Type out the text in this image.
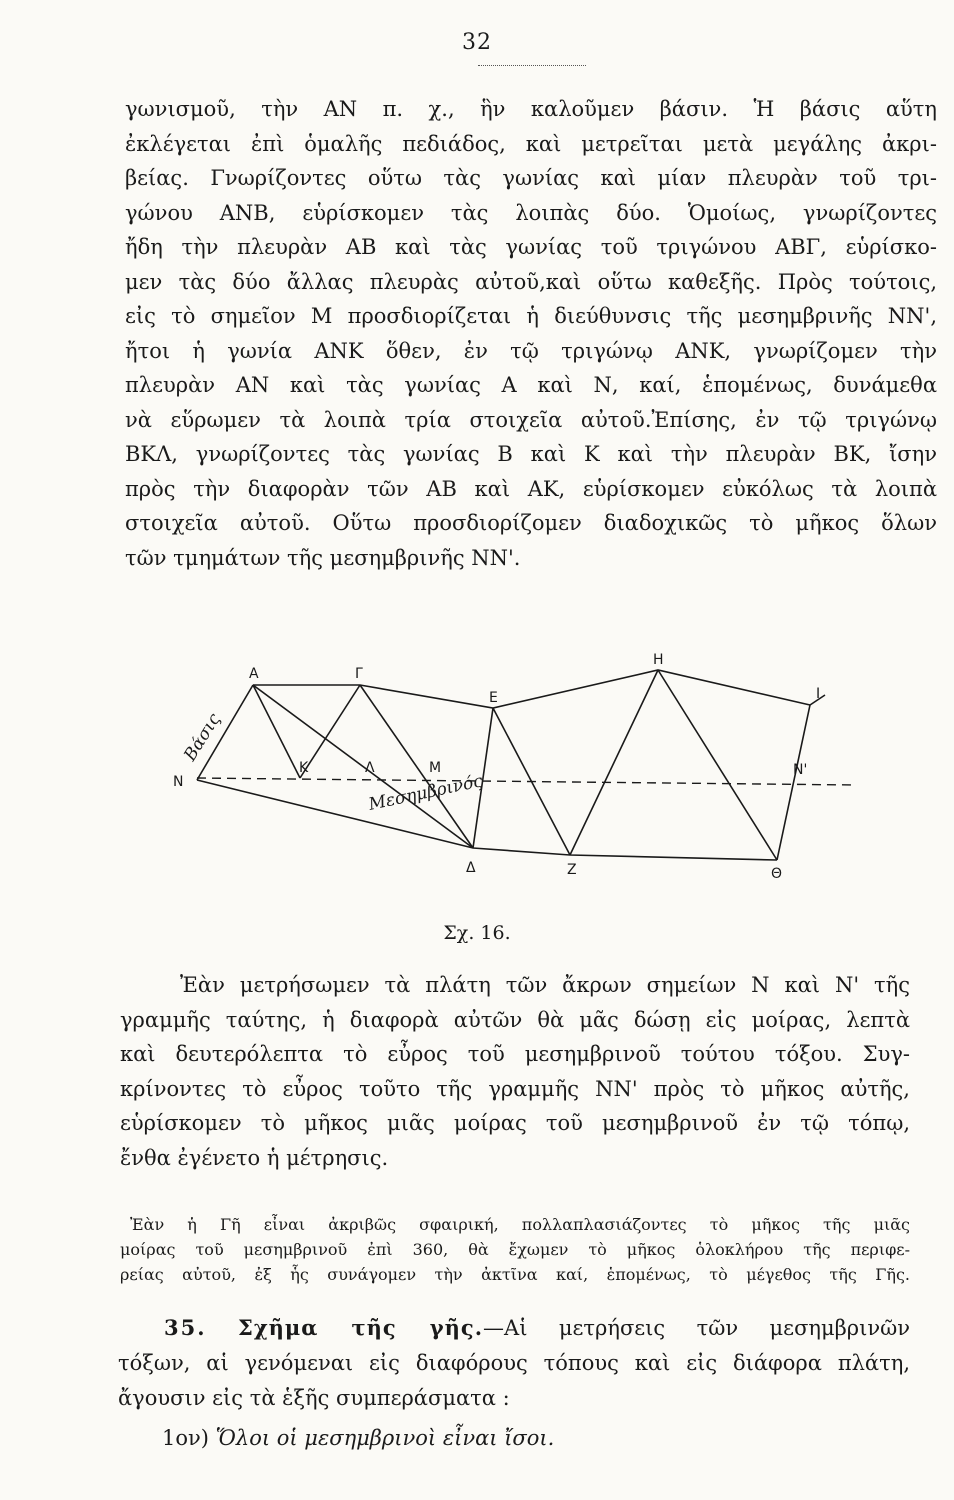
32

γωνισμοῦ, τὴν ΑΝ π. χ., ἣν καλοῦμεν βάσιν. Ἡ βάσις αὕτη
ἐκλέγεται ἐπὶ ὁμαλῆς πεδιάδος, καὶ μετρεῖται μετὰ μεγάλης ἀκρι-
βείας. Γνωρίζοντες οὕτω τὰς γωνίας καὶ μίαν πλευρὰν τοῦ τρι-
γώνου ΑΝΒ, εὑρίσκομεν τὰς λοιπὰς δύο. Ὁμοίως, γνωρίζοντες
ἤδη τὴν πλευρὰν ΑΒ καὶ τὰς γωνίας τοῦ τριγώνου ΑΒΓ, εὑρίσκο-
μεν τὰς δύο ἄλλας πλευρὰς αὐτοῦ,καὶ οὕτω καθεξῆς. Πρὸς τούτοις,
εἰς τὸ σημεῖον Μ προσδιορίζεται ἡ διεύθυνσις τῆς μεσημβρινῆς ΝΝ',
ἤτοι ἡ γωνία ΑΝΚ ὅθεν, ἐν τῷ τριγώνῳ ΑΝΚ, γνωρίζομεν τὴν
πλευρὰν ΑΝ καὶ τὰς γωνίας Α καὶ Ν, καί, ἑπομένως, δυνάμεθα
νὰ εὕρωμεν τὰ λοιπὰ τρία στοιχεῖα αὐτοῦ.Ἐπίσης, ἐν τῷ τριγώνῳ
ΒΚΛ, γνωρίζοντες τὰς γωνίας Β καὶ Κ καὶ τὴν πλευρὰν ΒΚ, ἴσην
πρὸς τὴν διαφορὰν τῶν ΑΒ καὶ ΑΚ, εὑρίσκομεν εὐκόλως τὰ λοιπὰ
στοιχεῖα αὐτοῦ. Οὕτω προσδιορίζομεν διαδοχικῶς τὸ μῆκος ὅλων
τῶν τμημάτων τῆς μεσημβρινῆς ΝΝ'.

Α	Γ
Ε
Η
Ι
Ν
Ν'
Κ	Λ	Μ
Δ	Ζ	Θ
Βάσις
Μεσημβρινός
Σχ. 16.
Ἐὰν μετρήσωμεν τὰ πλάτη τῶν ἄκρων σημείων Ν καὶ Ν' τῆς
γραμμῆς ταύτης, ἡ διαφορὰ αὐτῶν θὰ μᾶς δώσῃ εἰς μοίρας, λεπτὰ
καὶ δευτερόλεπτα τὸ εὖρος τοῦ μεσημβρινοῦ τούτου τόξου. Συγ-
κρίνοντες τὸ εὖρος τοῦτο τῆς γραμμῆς ΝΝ' πρὸς τὸ μῆκος αὐτῆς,
εὑρίσκομεν τὸ μῆκος μιᾶς μοίρας τοῦ μεσημβρινοῦ ἐν τῷ τόπῳ,
ἔνθα ἐγένετο ἡ μέτρησις.
Ἐὰν ἡ Γῆ εἶναι ἀκριβῶς σφαιρική, πολλαπλασιάζοντες τὸ μῆκος τῆς μιᾶς
μοίρας τοῦ μεσημβρινοῦ ἐπὶ 360, θὰ ἔχωμεν τὸ μῆκος ὁλοκλήρου τῆς περιφε-
ρείας αὐτοῦ, ἐξ ἧς συνάγομεν τὴν ἀκτῖνα καί, ἑπομένως, τὸ μέγεθος τῆς Γῆς.
35. Σχῆμα τῆς γῆς.—Αἱ μετρήσεις τῶν μεσημβρινῶν
τόξων, αἱ γενόμεναι εἰς διαφόρους τόπους καὶ εἰς διάφορα πλάτη,
ἄγουσιν εἰς τὰ ἑξῆς συμπεράσματα :
1ον) Ὅλοι οἱ μεσημβρινοὶ εἶναι ἴσοι.
